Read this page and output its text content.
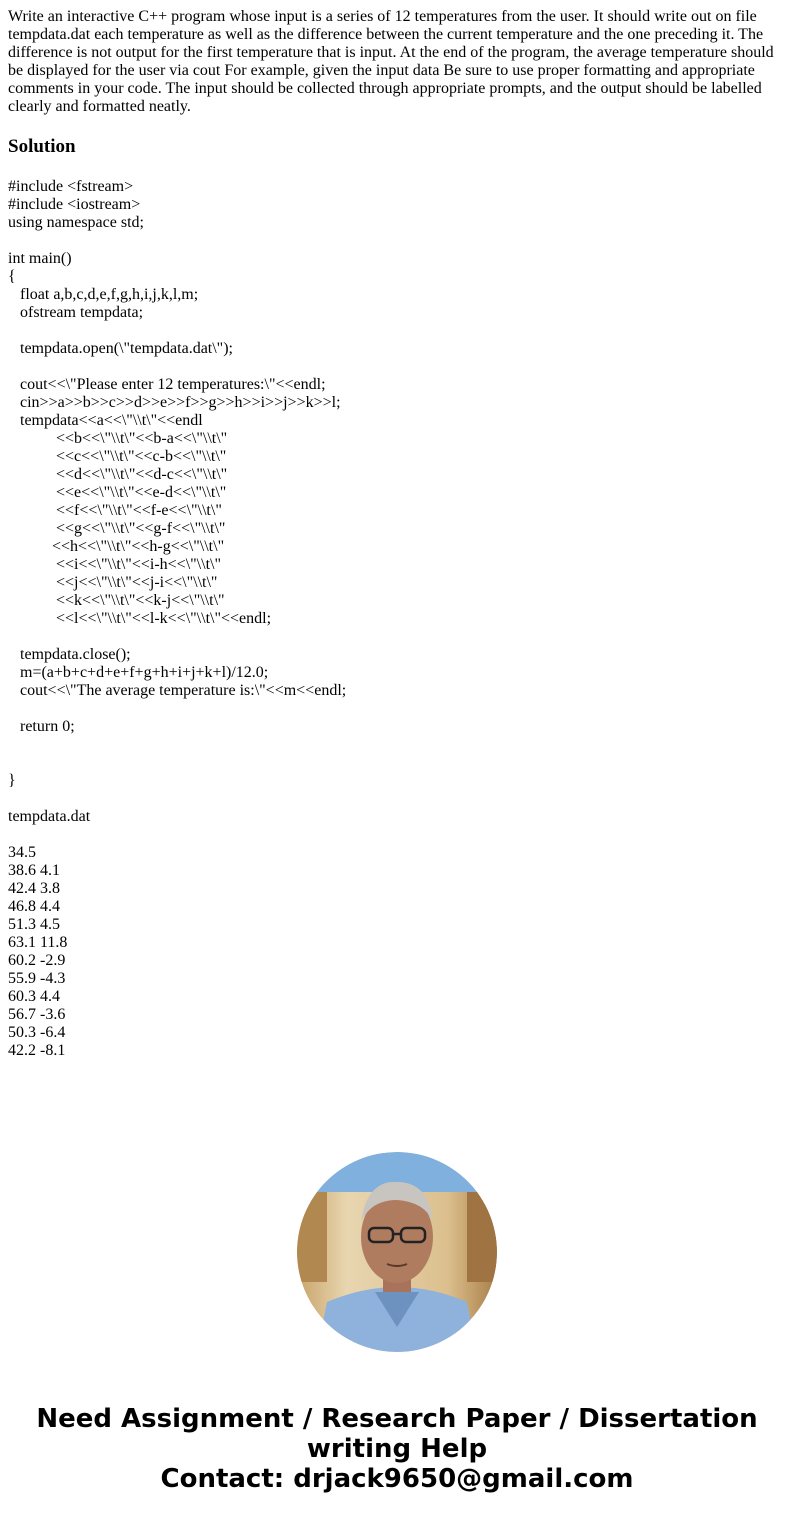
Write an interactive C++ program whose input is a series of 12 temperatures from the user. It should write out on file tempdata.dat each temperature as well as the difference between the current temperature and the one preceding it. The difference is not output for the first temperature that is input. At the end of the program, the average temperature should be displayed for the user via cout For example, given the input data Be sure to use proper formatting and appropriate comments in your code. The input should be collected through appropriate prompts, and the output should be labelled clearly and formatted neatly.

Solution
#include <fstream>
#include <iostream>
using namespace std;
int main()
{
float a,b,c,d,e,f,g,h,i,j,k,l,m;
ofstream tempdata;
tempdata.open(\"tempdata.dat\");
cout<<\"Please enter 12 temperatures:\"<<endl;
cin>>a>>b>>c>>d>>e>>f>>g>>h>>i>>j>>k>>l;
tempdata<<a<<\"\\t\"<<endl
<<b<<\"\\t\"<<b-a<<\"\\t\"
<<c<<\"\\t\"<<c-b<<\"\\t\"
<<d<<\"\\t\"<<d-c<<\"\\t\"
<<e<<\"\\t\"<<e-d<<\"\\t\"
<<f<<\"\\t\"<<f-e<<\"\\t\"
<<g<<\"\\t\"<<g-f<<\"\\t\"
<<h<<\"\\t\"<<h-g<<\"\\t\"
<<i<<\"\\t\"<<i-h<<\"\\t\"
<<j<<\"\\t\"<<j-i<<\"\\t\"
<<k<<\"\\t\"<<k-j<<\"\\t\"
<<l<<\"\\t\"<<l-k<<\"\\t\"<<endl;
tempdata.close();
m=(a+b+c+d+e+f+g+h+i+j+k+l)/12.0;
cout<<\"The average temperature is:\"<<m<<endl;
return 0;
}
tempdata.dat
34.5
38.6 4.1
42.4 3.8
46.8 4.4
51.3 4.5
63.1 11.8
60.2 -2.9
55.9 -4.3
60.3 4.4
56.7 -3.6
50.3 -6.4
42.2 -8.1
Need Assignment / Research Paper / Dissertation
writing Help
Contact: drjack9650@gmail.com
